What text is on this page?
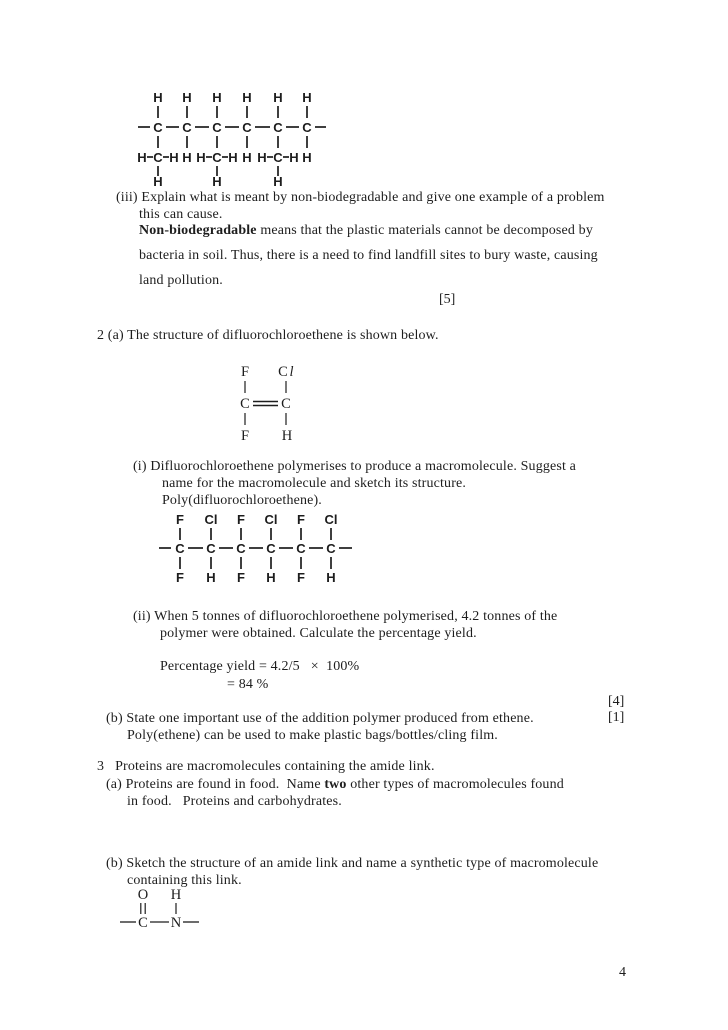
H H H H H H
C C C C C C
H C H H H C H H H C H H
H	H	H
(iii) Explain what is meant by non-biodegradable and give one example of a problem
this can cause.
Non-biodegradable means that the plastic materials cannot be decomposed by
bacteria in soil. Thus, there is a need to find landfill sites to bury waste, causing
land pollution.
[5]
2 (a) The structure of difluorochloroethene is shown below.
F C l
C C
F H
(i) Difluorochloroethene polymerises to produce a macromolecule. Suggest a
name for the macromolecule and sketch its structure.
Poly(difluorochloroethene).
F Cl F Cl F Cl
C C C C C C
F H F H F H
(ii) When 5 tonnes of difluorochloroethene polymerised, 4.2 tonnes of the
polymer were obtained. Calculate the percentage yield.
Percentage yield = 4.2/5   ×  100%
= 84 %
[4]
(b) State one important use of the addition polymer produced from ethene.	[1]
Poly(ethene) can be used to make plastic bags/bottles/cling film.
3   Proteins are macromolecules containing the amide link.
(a) Proteins are found in food.  Name two other types of macromolecules found
in food.   Proteins and carbohydrates.
(b) Sketch the structure of an amide link and name a synthetic type of macromolecule
containing this link.
O H
C N
4
